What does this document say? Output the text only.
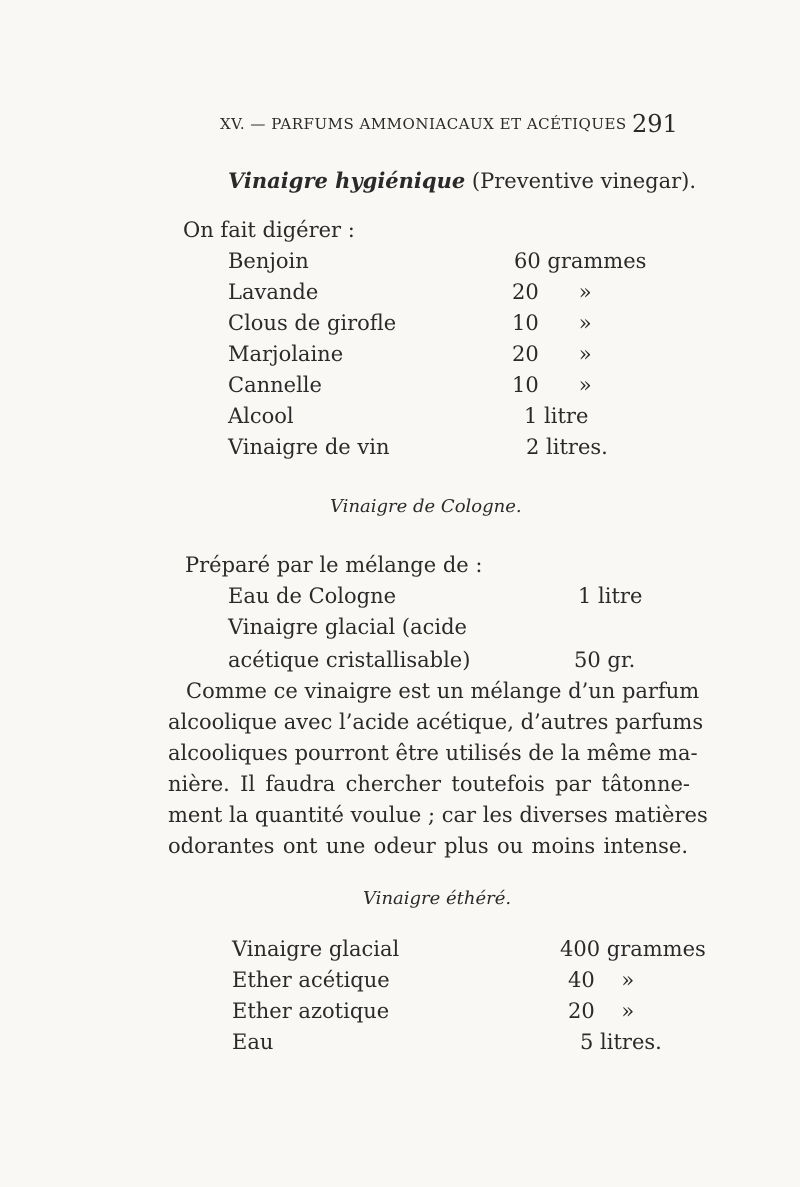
XV. — PARFUMS AMMONIACAUX ET ACÉTIQUES 291
Vinaigre hygiénique (Preventive vinegar).
On fait digérer :
Benjoin	60 grammes
Lavande	20      »
Clous de girofle	10      »
Marjolaine	20      »
Cannelle	10      »
Alcool	1 litre
Vinaigre de vin	2 litres.
Vinaigre de Cologne.
Préparé par le mélange de :
Eau de Cologne	1 litre
Vinaigre glacial (acide
acétique cristallisable)	50 gr.
Comme ce vinaigre est un mélange d’un parfum
alcoolique avec l’acide acétique, d’autres parfums
alcooliques pourront être utilisés de la même ma-
nière. Il faudra chercher toutefois par tâtonne-
ment la quantité voulue ; car les diverses matières
odorantes ont une odeur plus ou moins intense.
Vinaigre éthéré.
Vinaigre glacial	400 grammes
Ether acétique	40    »
Ether azotique	20    »
Eau	5 litres.
